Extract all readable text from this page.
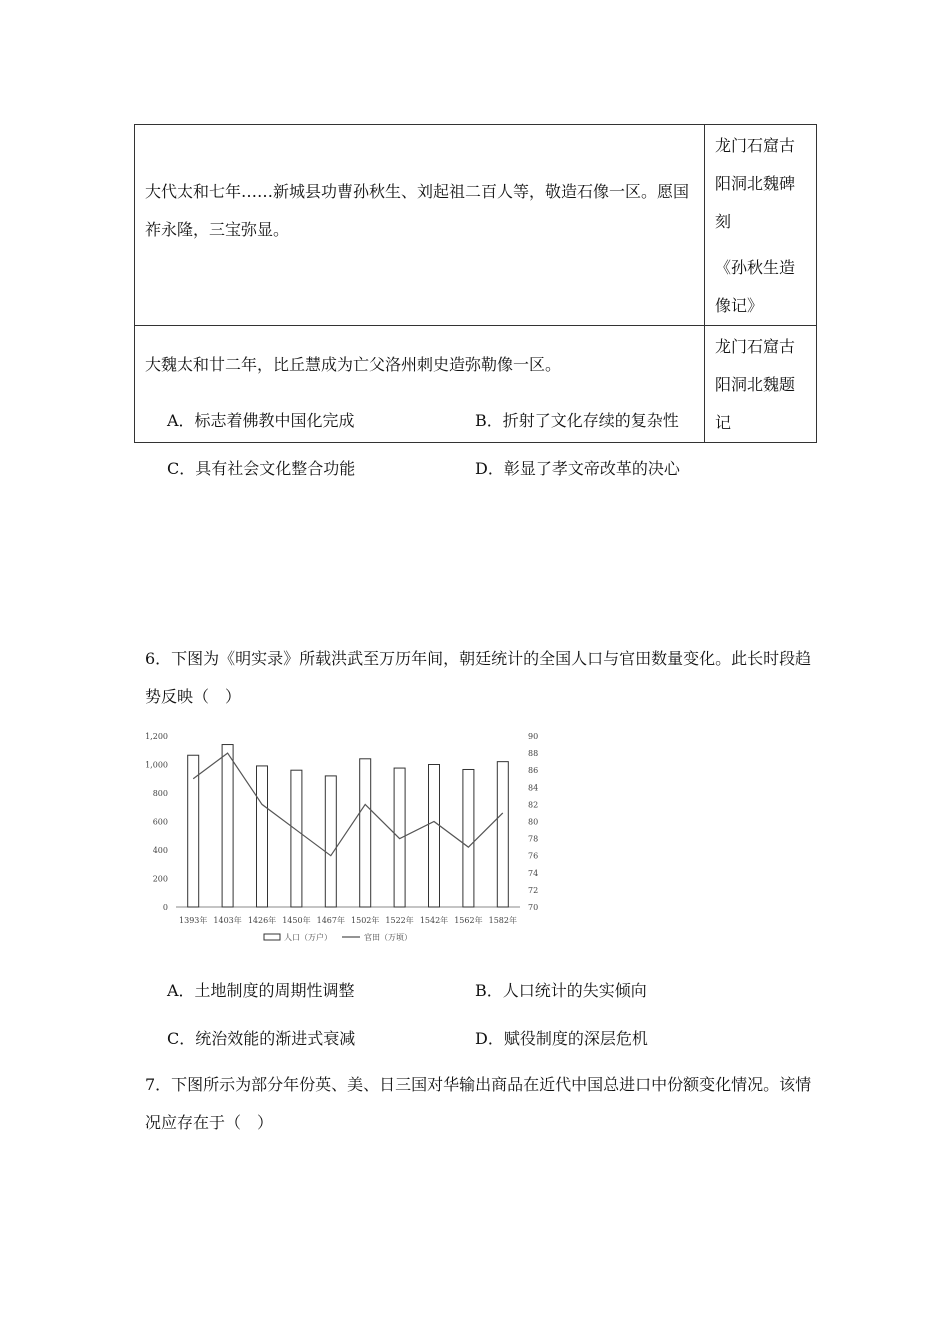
大代太和七年……新城县功曹孙秋生、刘起祖二百人等，敬造石像一区。愿国祚永隆，三宝弥显。	龙门石窟古阳洞北魏碑刻
《孙秋生造像记》

大魏太和廿二年，比丘慧成为亡父洛州刺史造弥勒像一区。	龙门石窟古阳洞北魏题记
A．标志着佛教中国化完成	B．折射了文化存续的复杂性
C．具有社会文化整合功能	D．彰显了孝文帝改革的决心
6．下图为《明实录》所载洪武至万历年间，朝廷统计的全国人口与官田数量变化。此长时段趋势反映（　）
0
200
400
600
800
1,000
1,200
70
72
74
76
78
80
82
84
86
88
90
1393年 1403年 1426年 1450年 1467年 1502年 1522年 1542年 1562年 1582年
人口（万户）	官田（万顷）
A．土地制度的周期性调整	B．人口统计的失实倾向
C．统治效能的渐进式衰减	D．赋役制度的深层危机
7．下图所示为部分年份英、美、日三国对华输出商品在近代中国总进口中份额变化情况。该情况应存在于（　）
